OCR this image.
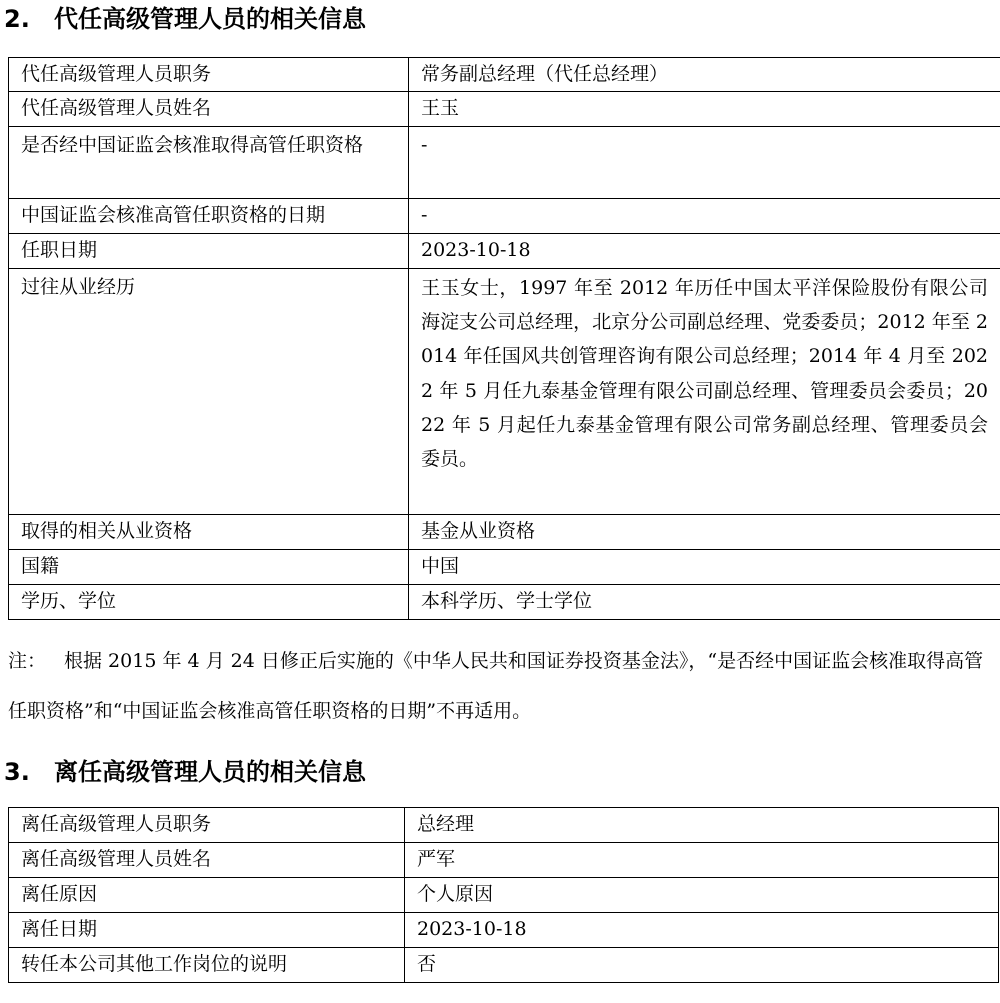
2. 代任高级管理人员的相关信息
代任高级管理人员职务	常务副总经理（代任总经理）
代任高级管理人员姓名	王玉
是否经中国证监会核准取得高管任职资格	-
中国证监会核准高管任职资格的日期	-
任职日期	2023-10-18
过往从业经历	王玉女士，1997 年至 2012 年历任中国太平洋保险股份有限公司海淀支公司总经理，北京分公司副总经理、党委委员；2012 年至 2014 年任国风共创管理咨询有限公司总经理；2014 年 4 月至 2022 年 5 月任九泰基金管理有限公司副总经理、管理委员会委员；2022 年 5 月起任九泰基金管理有限公司常务副总经理、管理委员会委员。
取得的相关从业资格	基金从业资格
国籍	中国
学历、学位	本科学历、学士学位

注： 根据 2015 年 4 月 24 日修正后实施的《中华人民共和国证券投资基金法》，“是否经中国证监会核准取得高管任职资格”和“中国证监会核准高管任职资格的日期”不再适用。

3. 离任高级管理人员的相关信息
离任高级管理人员职务	总经理
离任高级管理人员姓名	严军
离任原因	个人原因
离任日期	2023-10-18
转任本公司其他工作岗位的说明	否
